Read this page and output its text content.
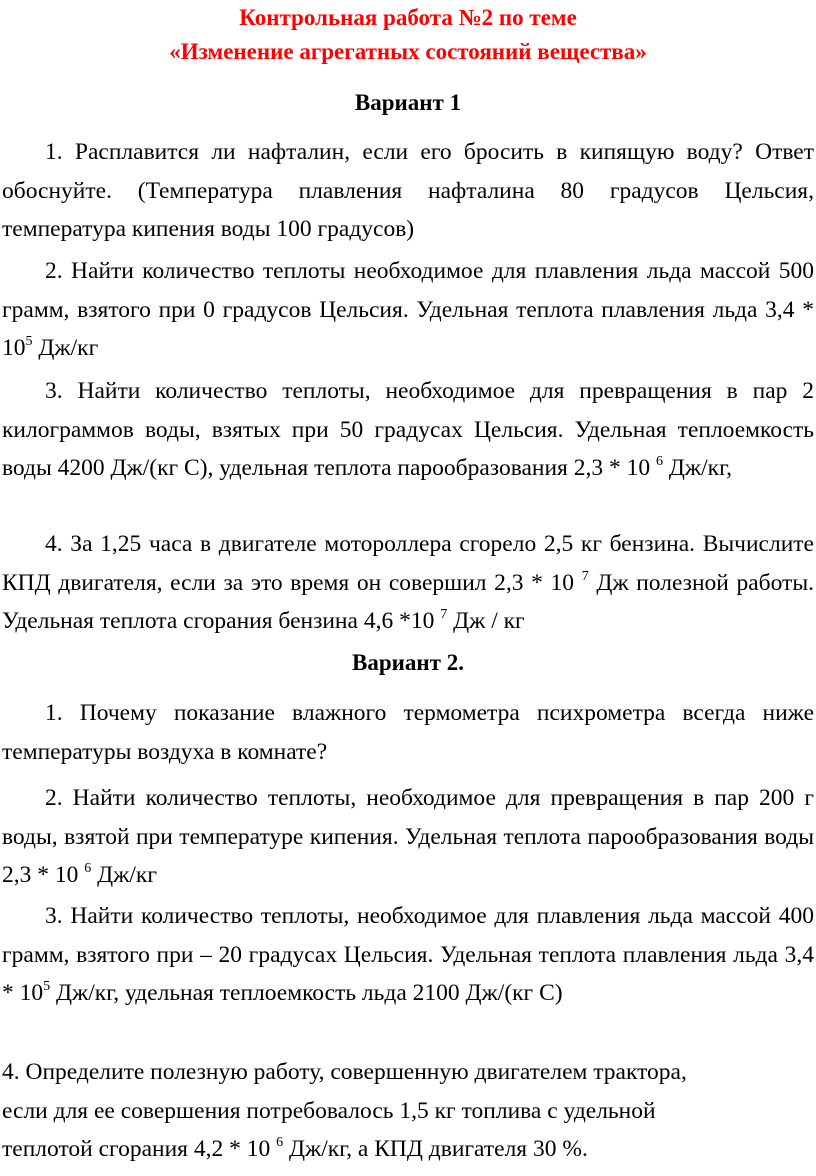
Контрольная работа №2 по теме
«Изменение агрегатных состояний вещества»
Вариант 1

1. Расплавится ли нафталин, если его бросить в кипящую воду? Ответ обоснуйте. (Температура плавления нафталина 80 градусов Цельсия, температура кипения воды 100 градусов)

2. Найти количество теплоты необходимое для плавления льда массой 500 грамм, взятого при 0 градусов Цельсия. Удельная теплота плавления льда $3,4 * 10^5$ Дж/кг

3. Найти количество теплоты, необходимое для превращения в пар 2 килограммов воды, взятых при 50 градусах Цельсия. Удельная теплоемкость воды 4200 Дж/(кг С), удельная теплота парообразования 2,3 * 10 $^6$ Дж/кг,

4. За 1,25 часа в двигателе мотороллера сгорело 2,5 кг бензина. Вычислите КПД двигателя, если за это время он совершил 2,3 * 10 $^7$ Дж полезной работы. Удельная теплота сгорания бензина 4,6 *10 $^7$ Дж / кг

Вариант 2.

1. Почему показание влажного термометра психрометра всегда ниже температуры воздуха в комнате?

2. Найти количество теплоты, необходимое для превращения в пар 200 г воды, взятой при температуре кипения. Удельная теплота парообразования воды 2,3 * 10 $^6$ Дж/кг

3. Найти количество теплоты, необходимое для плавления льда массой 400 грамм, взятого при – 20 градусах Цельсия. Удельная теплота плавления льда $3,4 * 10^5$ Дж/кг, удельная теплоемкость льда 2100 Дж/(кг С)

4. Определите полезную работу, совершенную двигателем трактора,
если для ее совершения потребовалось 1,5 кг топлива с удельной
теплотой сгорания 4,2 * 10 $^6$ Дж/кг, а КПД двигателя 30 %.
